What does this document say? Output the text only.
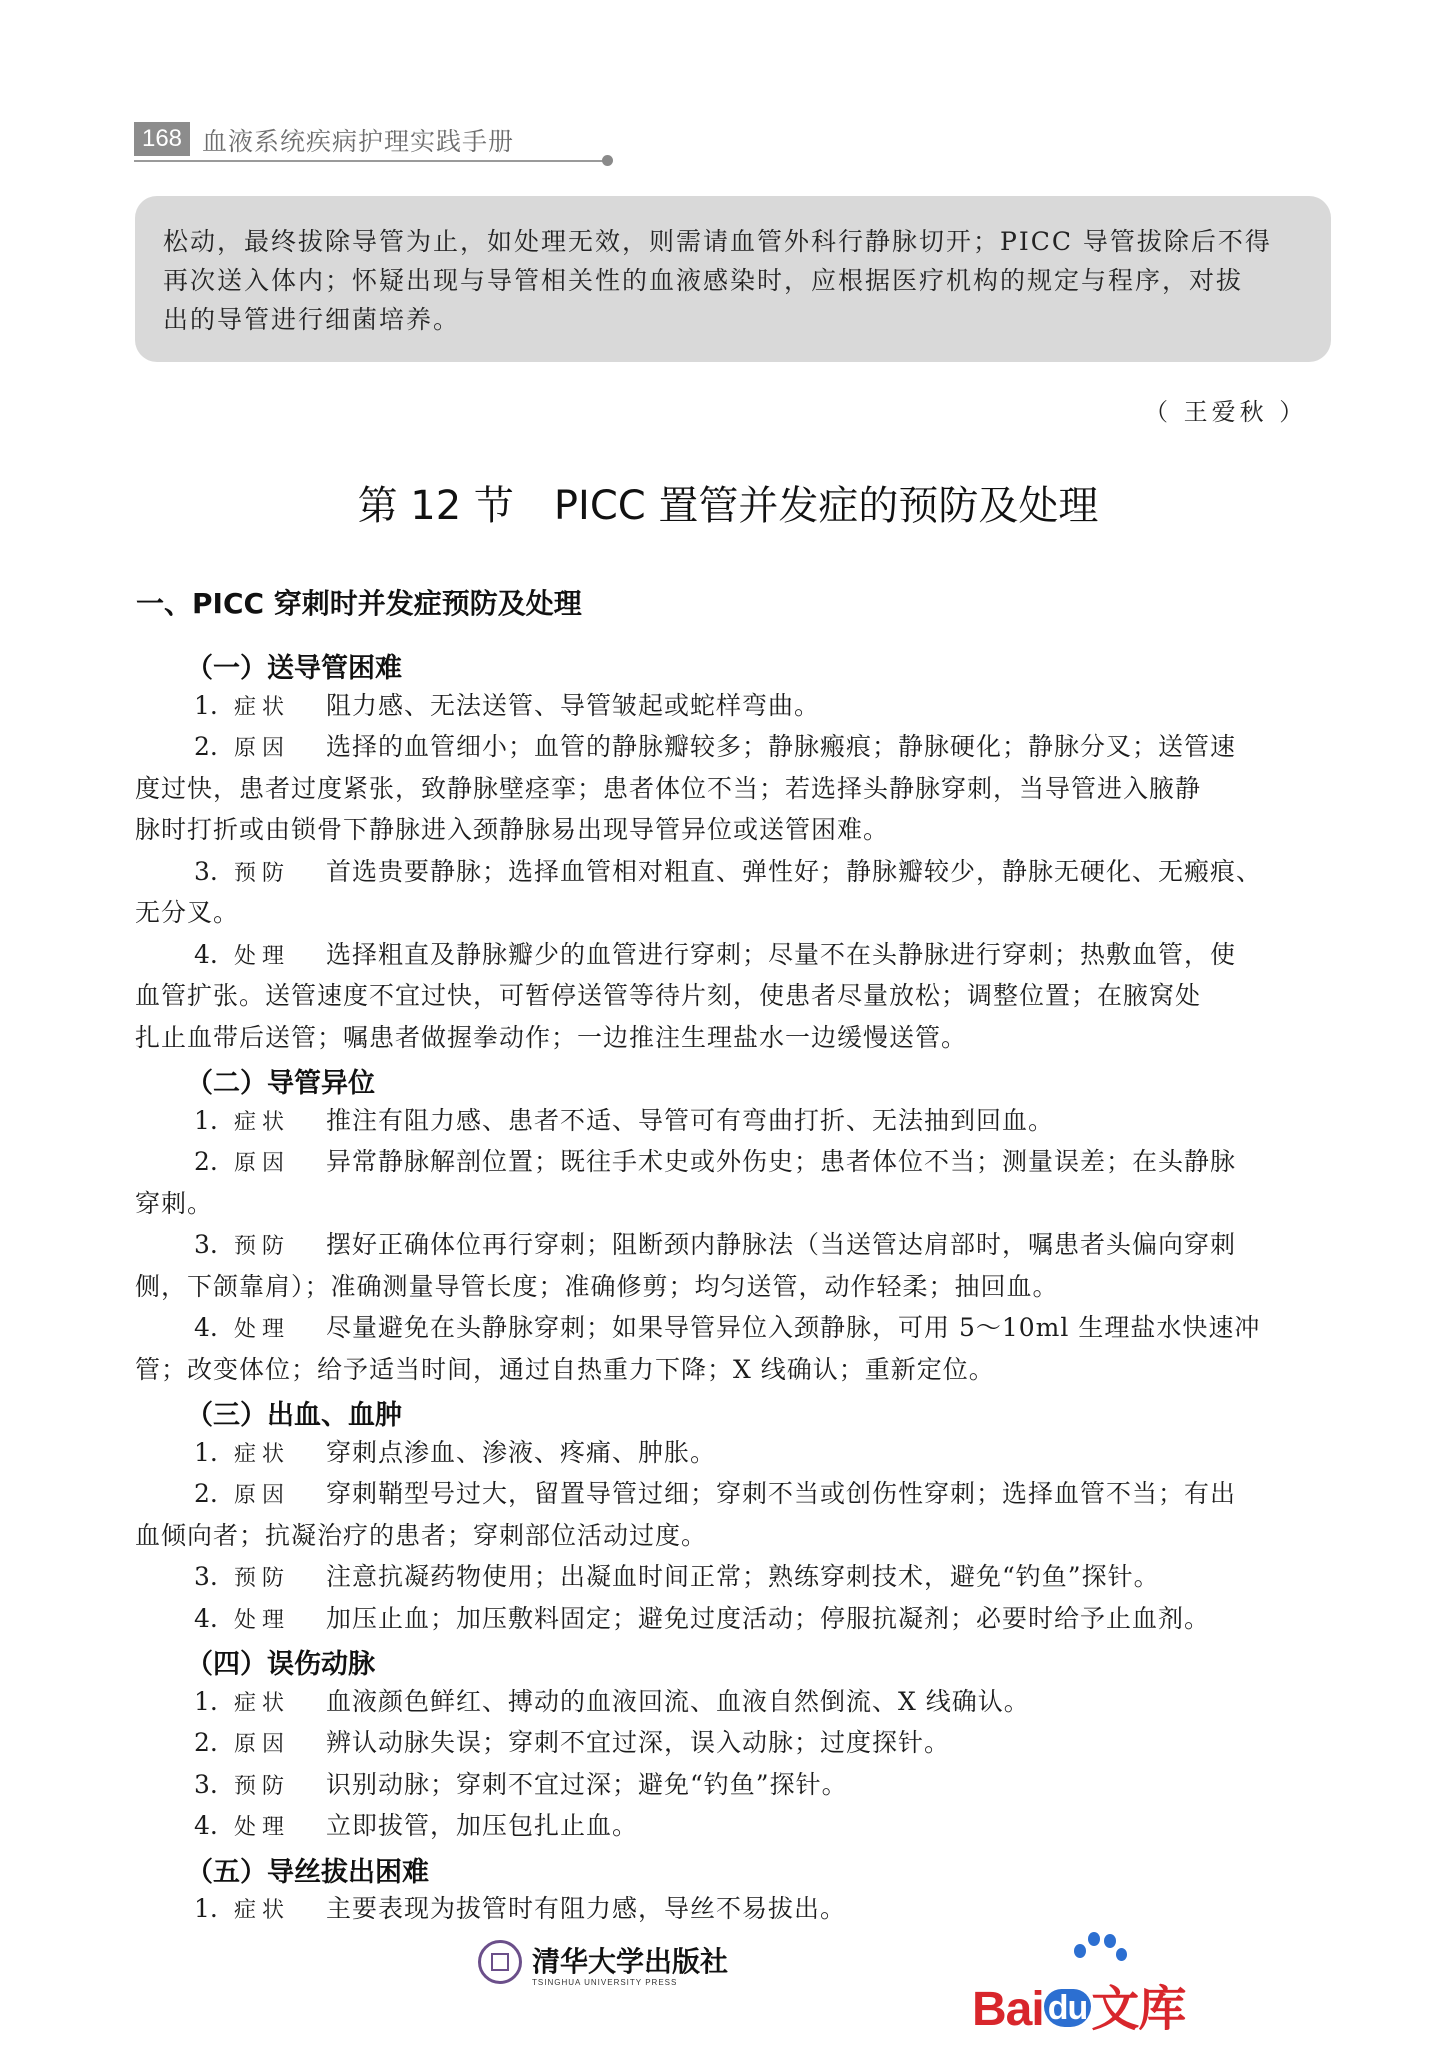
168 血液系统疾病护理实践手册

松动，最终拔除导管为止，如处理无效，则需请血管外科行静脉切开；PICC 导管拔除后不得

再次送入体内；怀疑出现与导管相关性的血液感染时，应根据医疗机构的规定与程序，对拔

出的导管进行细菌培养。

（ 王爱秋 ）
第 12 节　PICC 置管并发症的预防及处理
一、PICC 穿刺时并发症预防及处理
（一）送导管困难
1. 症状 阻力感、无法送管、导管皱起或蛇样弯曲。
2. 原因 选择的血管细小；血管的静脉瓣较多；静脉瘢痕；静脉硬化；静脉分叉；送管速
度过快，患者过度紧张，致静脉壁痉挛；患者体位不当；若选择头静脉穿刺，当导管进入腋静
脉时打折或由锁骨下静脉进入颈静脉易出现导管异位或送管困难。
3. 预防 首选贵要静脉；选择血管相对粗直、弹性好；静脉瓣较少，静脉无硬化、无瘢痕、
无分叉。
4. 处理 选择粗直及静脉瓣少的血管进行穿刺；尽量不在头静脉进行穿刺；热敷血管，使
血管扩张。送管速度不宜过快，可暂停送管等待片刻，使患者尽量放松；调整位置；在腋窝处
扎止血带后送管；嘱患者做握拳动作；一边推注生理盐水一边缓慢送管。
（二）导管异位
1. 症状 推注有阻力感、患者不适、导管可有弯曲打折、无法抽到回血。
2. 原因 异常静脉解剖位置；既往手术史或外伤史；患者体位不当；测量误差；在头静脉
穿刺。
3. 预防 摆好正确体位再行穿刺；阻断颈内静脉法（当送管达肩部时，嘱患者头偏向穿刺
侧，下颌靠肩）；准确测量导管长度；准确修剪；均匀送管，动作轻柔；抽回血。
4. 处理 尽量避免在头静脉穿刺；如果导管异位入颈静脉，可用 5～10ml 生理盐水快速冲
管；改变体位；给予适当时间，通过自热重力下降；X 线确认；重新定位。
（三）出血、血肿
1. 症状 穿刺点渗血、渗液、疼痛、肿胀。
2. 原因 穿刺鞘型号过大，留置导管过细；穿刺不当或创伤性穿刺；选择血管不当；有出
血倾向者；抗凝治疗的患者；穿刺部位活动过度。
3. 预防 注意抗凝药物使用；出凝血时间正常；熟练穿刺技术，避免“钓鱼”探针。
4. 处理 加压止血；加压敷料固定；避免过度活动；停服抗凝剂；必要时给予止血剂。
（四）误伤动脉
1. 症状 血液颜色鲜红、搏动的血液回流、血液自然倒流、X 线确认。
2. 原因 辨认动脉失误；穿刺不宜过深，误入动脉；过度探针。
3. 预防 识别动脉；穿刺不宜过深；避免“钓鱼”探针。
4. 处理 立即拔管，加压包扎止血。
（五）导丝拔出困难
1. 症状 主要表现为拔管时有阻力感，导丝不易拔出。
清华大学出版社
TSINGHUA UNIVERSITY PRESS
Bai du文库
